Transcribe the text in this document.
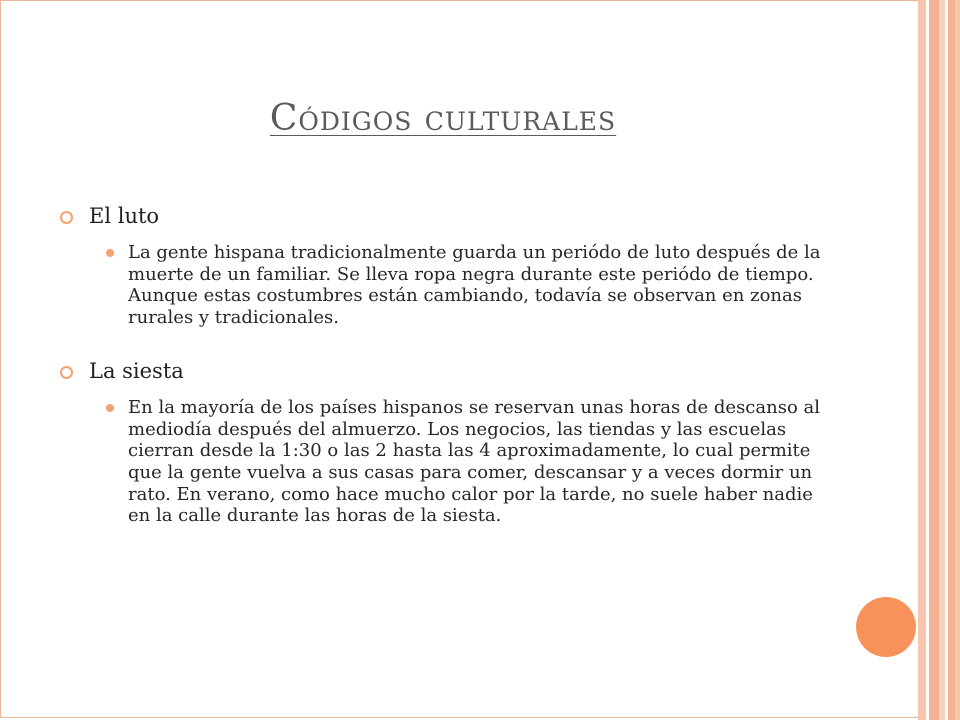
Códigos culturales
El luto
La gente hispana tradicionalmente guarda un periódo de luto después de la muerte de un familiar. Se lleva ropa negra durante este periódo de tiempo. Aunque estas costumbres están cambiando, todavía se observan en zonas rurales y tradicionales.
La siesta
En la mayoría de los países hispanos se reservan unas horas de descanso al mediodía después del almuerzo. Los negocios, las tiendas y las escuelas cierran desde la 1:30 o las 2 hasta las 4 aproximadamente, lo cual permite que la gente vuelva a sus casas para comer, descansar y a veces dormir un rato. En verano, como hace mucho calor por la tarde, no suele haber nadie en la calle durante las horas de la siesta.
